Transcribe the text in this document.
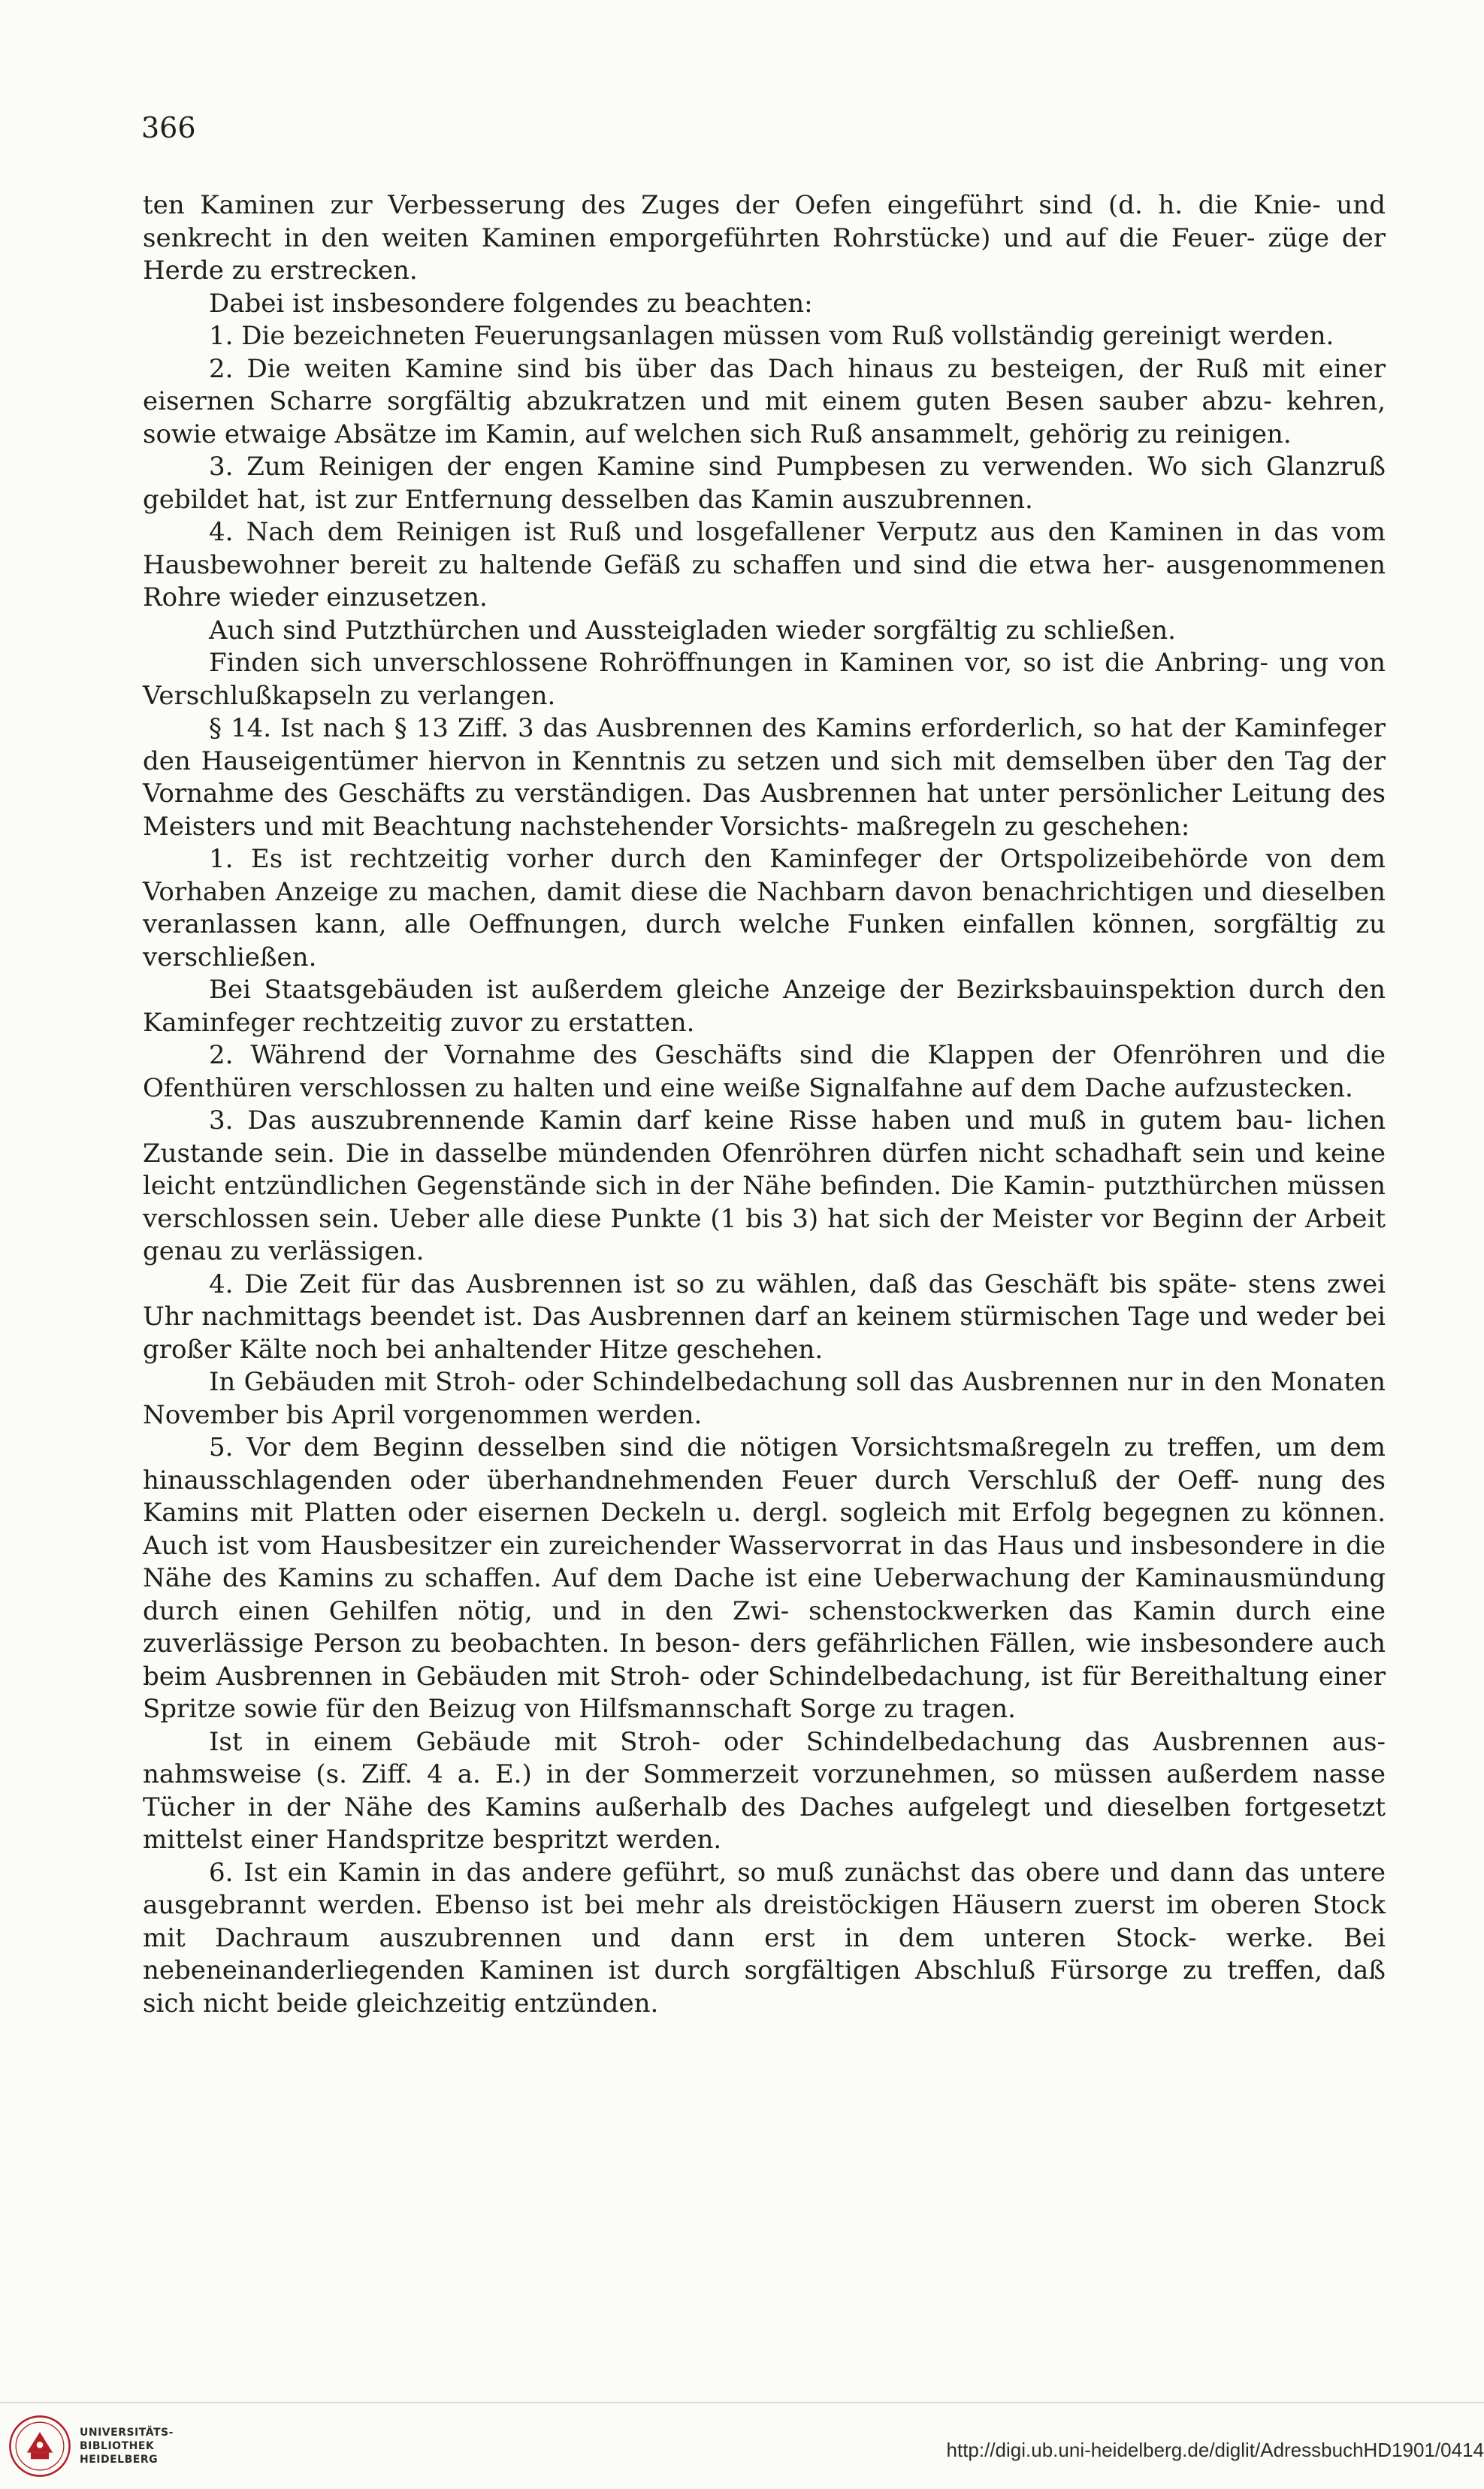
366

ten Kaminen zur Verbesserung des Zuges der Oefen eingeführt sind (d. h. die Knie- und senkrecht in den weiten Kaminen emporgeführten Rohrstücke) und auf die Feuer- züge der Herde zu erstrecken.

Dabei ist insbesondere folgendes zu beachten:

1. Die bezeichneten Feuerungsanlagen müssen vom Ruß vollständig gereinigt werden.

2. Die weiten Kamine sind bis über das Dach hinaus zu besteigen, der Ruß mit einer eisernen Scharre sorgfältig abzukratzen und mit einem guten Besen sauber abzu- kehren, sowie etwaige Absätze im Kamin, auf welchen sich Ruß ansammelt, gehörig zu reinigen.

3. Zum Reinigen der engen Kamine sind Pumpbesen zu verwenden. Wo sich Glanzruß gebildet hat, ist zur Entfernung desselben das Kamin auszubrennen.

4. Nach dem Reinigen ist Ruß und losgefallener Verputz aus den Kaminen in das vom Hausbewohner bereit zu haltende Gefäß zu schaffen und sind die etwa her- ausgenommenen Rohre wieder einzusetzen.

Auch sind Putzthürchen und Aussteigladen wieder sorgfältig zu schließen.

Finden sich unverschlossene Rohröffnungen in Kaminen vor, so ist die Anbring- ung von Verschlußkapseln zu verlangen.

§ 14. Ist nach § 13 Ziff. 3 das Ausbrennen des Kamins erforderlich, so hat der Kaminfeger den Hauseigentümer hiervon in Kenntnis zu setzen und sich mit demselben über den Tag der Vornahme des Geschäfts zu verständigen. Das Ausbrennen hat unter persönlicher Leitung des Meisters und mit Beachtung nachstehender Vorsichts- maßregeln zu geschehen:

1. Es ist rechtzeitig vorher durch den Kaminfeger der Ortspolizeibehörde von dem Vorhaben Anzeige zu machen, damit diese die Nachbarn davon benachrichtigen und dieselben veranlassen kann, alle Oeffnungen, durch welche Funken einfallen können, sorgfältig zu verschließen.

Bei Staatsgebäuden ist außerdem gleiche Anzeige der Bezirksbauinspektion durch den Kaminfeger rechtzeitig zuvor zu erstatten.

2. Während der Vornahme des Geschäfts sind die Klappen der Ofenröhren und die Ofenthüren verschlossen zu halten und eine weiße Signalfahne auf dem Dache aufzustecken.

3. Das auszubrennende Kamin darf keine Risse haben und muß in gutem bau- lichen Zustande sein. Die in dasselbe mündenden Ofenröhren dürfen nicht schadhaft sein und keine leicht entzündlichen Gegenstände sich in der Nähe befinden. Die Kamin- putzthürchen müssen verschlossen sein. Ueber alle diese Punkte (1 bis 3) hat sich der Meister vor Beginn der Arbeit genau zu verlässigen.

4. Die Zeit für das Ausbrennen ist so zu wählen, daß das Geschäft bis späte- stens zwei Uhr nachmittags beendet ist. Das Ausbrennen darf an keinem stürmischen Tage und weder bei großer Kälte noch bei anhaltender Hitze geschehen.

In Gebäuden mit Stroh- oder Schindelbedachung soll das Ausbrennen nur in den Monaten November bis April vorgenommen werden.

5. Vor dem Beginn desselben sind die nötigen Vorsichtsmaßregeln zu treffen, um dem hinausschlagenden oder überhandnehmenden Feuer durch Verschluß der Oeff- nung des Kamins mit Platten oder eisernen Deckeln u. dergl. sogleich mit Erfolg begegnen zu können. Auch ist vom Hausbesitzer ein zureichender Wasservorrat in das Haus und insbesondere in die Nähe des Kamins zu schaffen. Auf dem Dache ist eine Ueberwachung der Kaminausmündung durch einen Gehilfen nötig, und in den Zwi- schenstockwerken das Kamin durch eine zuverlässige Person zu beobachten. In beson- ders gefährlichen Fällen, wie insbesondere auch beim Ausbrennen in Gebäuden mit Stroh- oder Schindelbedachung, ist für Bereithaltung einer Spritze sowie für den Beizug von Hilfsmannschaft Sorge zu tragen.

Ist in einem Gebäude mit Stroh- oder Schindelbedachung das Ausbrennen aus- nahmsweise (s. Ziff. 4 a. E.) in der Sommerzeit vorzunehmen, so müssen außerdem nasse Tücher in der Nähe des Kamins außerhalb des Daches aufgelegt und dieselben fortgesetzt mittelst einer Handspritze bespritzt werden.

6. Ist ein Kamin in das andere geführt, so muß zunächst das obere und dann das untere ausgebrannt werden. Ebenso ist bei mehr als dreistöckigen Häusern zuerst im oberen Stock mit Dachraum auszubrennen und dann erst in dem unteren Stock- werke. Bei nebeneinanderliegenden Kaminen ist durch sorgfältigen Abschluß Fürsorge zu treffen, daß sich nicht beide gleichzeitig entzünden.

UNIVERSITÄTS-
BIBLIOTHEK
HEIDELBERG	http://digi.ub.uni-heidelberg.de/diglit/AdressbuchHD1901/0414
